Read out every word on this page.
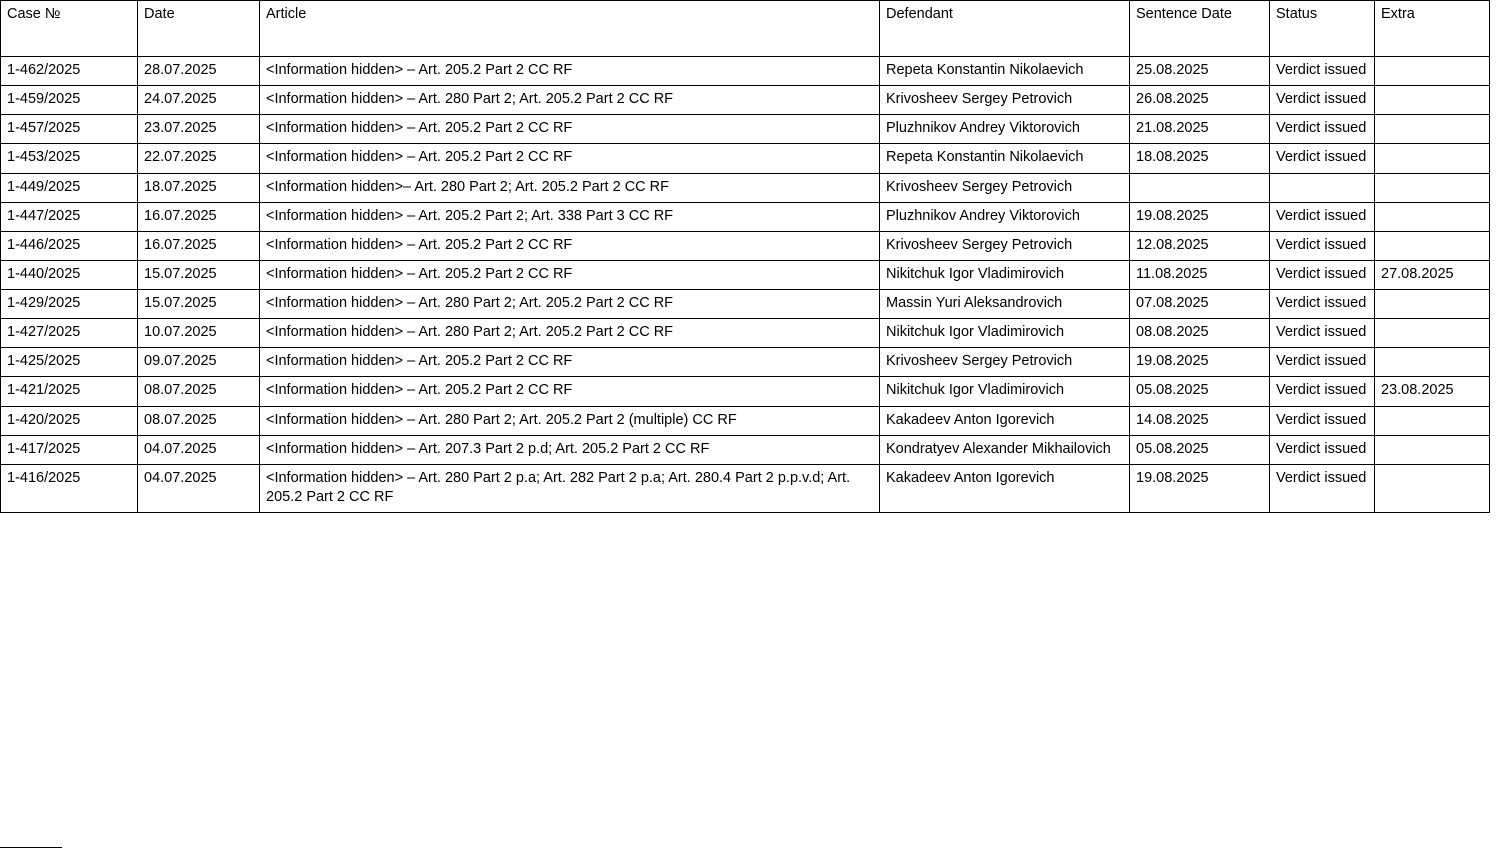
Case №	Date	Article	Defendant	Sentence Date	Status	Extra
1-462/2025	28.07.2025	<Information hidden> – Art. 205.2 Part 2 CC RF	Repeta Konstantin Nikolaevich	25.08.2025	Verdict issued	
1-459/2025	24.07.2025	<Information hidden> – Art. 280 Part 2; Art. 205.2 Part 2 CC RF	Krivosheev Sergey Petrovich	26.08.2025	Verdict issued	
1-457/2025	23.07.2025	<Information hidden> – Art. 205.2 Part 2 CC RF	Pluzhnikov Andrey Viktorovich	21.08.2025	Verdict issued	
1-453/2025	22.07.2025	<Information hidden> – Art. 205.2 Part 2 CC RF	Repeta Konstantin Nikolaevich	18.08.2025	Verdict issued	
1-449/2025	18.07.2025	<Information hidden>– Art. 280 Part 2; Art. 205.2 Part 2 CC RF	Krivosheev Sergey Petrovich			
1-447/2025	16.07.2025	<Information hidden> – Art. 205.2 Part 2; Art. 338 Part 3 CC RF	Pluzhnikov Andrey Viktorovich	19.08.2025	Verdict issued	
1-446/2025	16.07.2025	<Information hidden> – Art. 205.2 Part 2 CC RF	Krivosheev Sergey Petrovich	12.08.2025	Verdict issued	
1-440/2025	15.07.2025	<Information hidden> – Art. 205.2 Part 2 CC RF	Nikitchuk Igor Vladimirovich	11.08.2025	Verdict issued	27.08.2025
1-429/2025	15.07.2025	<Information hidden> – Art. 280 Part 2; Art. 205.2 Part 2 CC RF	Massin Yuri Aleksandrovich	07.08.2025	Verdict issued	
1-427/2025	10.07.2025	<Information hidden> – Art. 280 Part 2; Art. 205.2 Part 2 CC RF	Nikitchuk Igor Vladimirovich	08.08.2025	Verdict issued	
1-425/2025	09.07.2025	<Information hidden> – Art. 205.2 Part 2 CC RF	Krivosheev Sergey Petrovich	19.08.2025	Verdict issued	
1-421/2025	08.07.2025	<Information hidden> – Art. 205.2 Part 2 CC RF	Nikitchuk Igor Vladimirovich	05.08.2025	Verdict issued	23.08.2025
1-420/2025	08.07.2025	<Information hidden> – Art. 280 Part 2; Art. 205.2 Part 2 (multiple) CC RF	Kakadeev Anton Igorevich	14.08.2025	Verdict issued	
1-417/2025	04.07.2025	<Information hidden> – Art. 207.3 Part 2 p.d; Art. 205.2 Part 2 CC RF	Kondratyev Alexander Mikhailovich	05.08.2025	Verdict issued	
1-416/2025	04.07.2025	<Information hidden> – Art. 280 Part 2 p.a; Art. 282 Part 2 p.a; Art. 280.4 Part 2 p.p.v.d; Art. 205.2 Part 2 CC RF	Kakadeev Anton Igorevich	19.08.2025	Verdict issued	
